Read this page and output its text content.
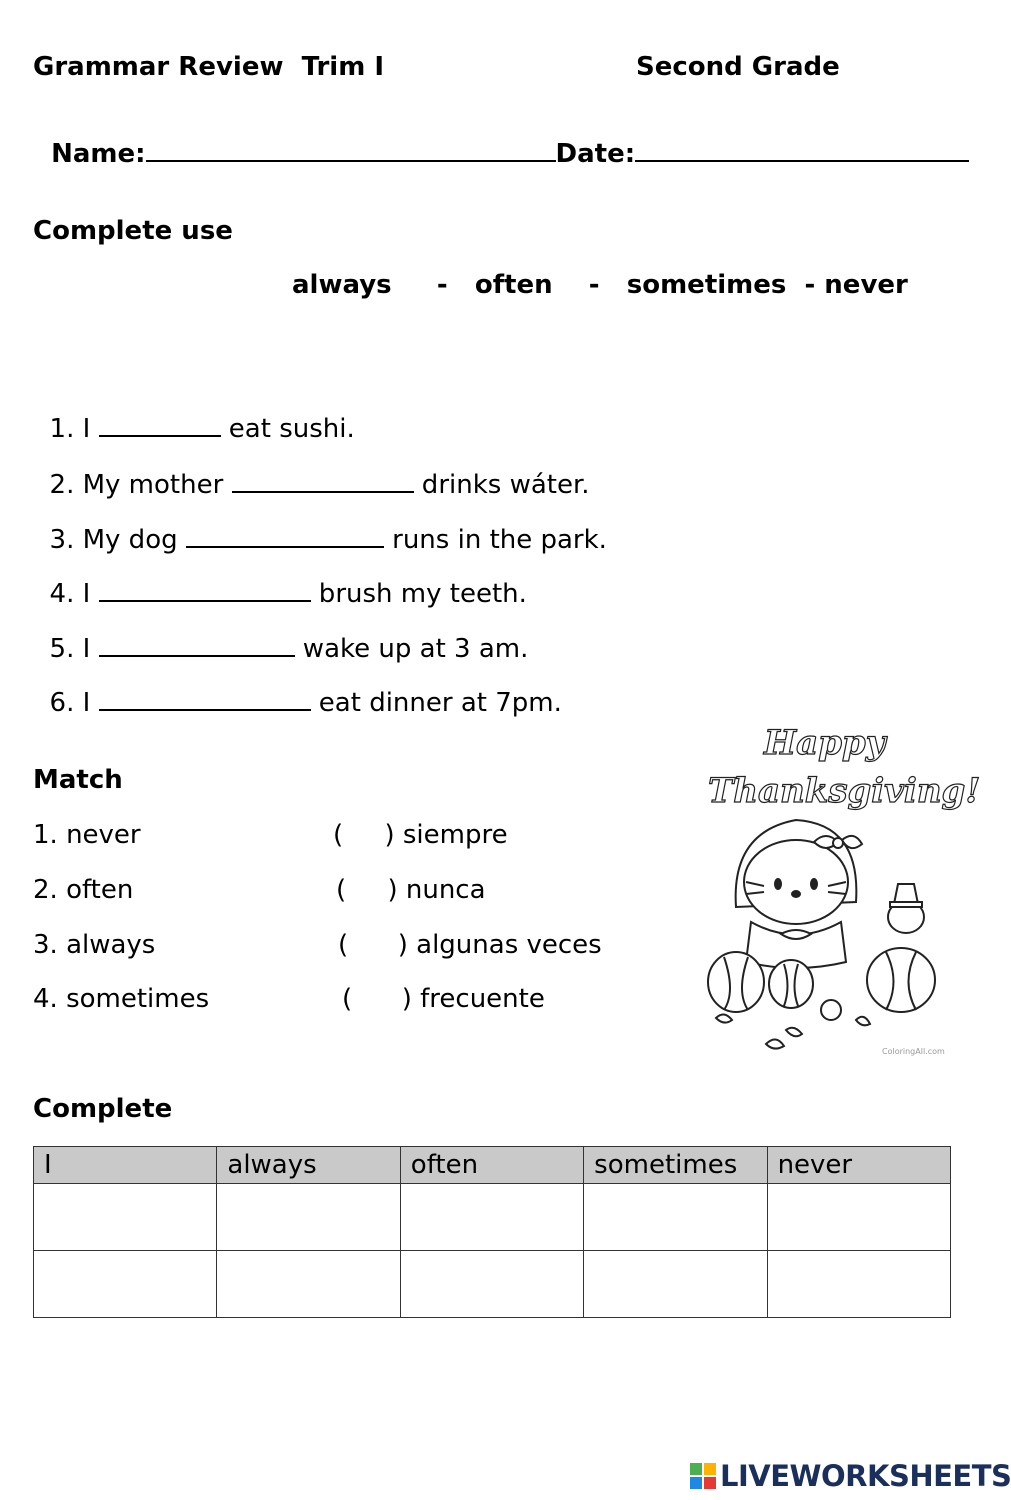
Grammar Review  Trim I	Second Grade

Name:	Date:

Complete use
always     -   often    -   sometimes  - never

1. I	eat sushi.

2. My mother	drinks wáter.

3. My dog	runs in the park.

4. I	brush my teeth.

5. I	wake up at 3 am.

6. I	eat dinner at 7pm.

Match
1. never	(     ) siempre
2. often	(     ) nunca
3. always	(      ) algunas veces
4. sometimes	(      ) frecuente
Happy
Thanksgiving!
ColoringAll.com
Complete
I	always	often	sometimes	never

LIVEWORKSHEETS
